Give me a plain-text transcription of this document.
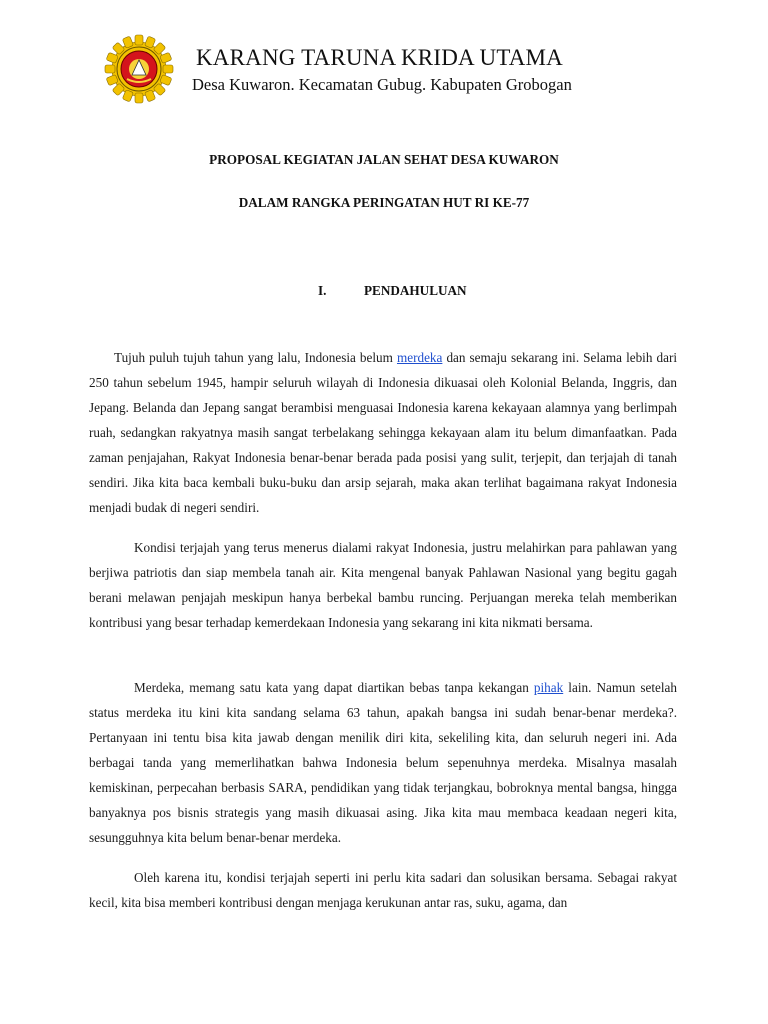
KARANG TARUNA KRIDA UTAMA
Desa Kuwaron. Kecamatan Gubug. Kabupaten Grobogan
PROPOSAL KEGIATAN JALAN SEHAT DESA KUWARON
DALAM RANGKA PERINGATAN HUT RI KE-77
I.	PENDAHULUAN

Tujuh puluh tujuh tahun yang lalu, Indonesia belum merdeka dan semaju sekarang ini. Selama lebih dari 250 tahun sebelum 1945, hampir seluruh wilayah di Indonesia dikuasai oleh Kolonial Belanda, Inggris, dan Jepang. Belanda dan Jepang sangat berambisi menguasai Indonesia karena kekayaan alamnya yang berlimpah ruah, sedangkan rakyatnya masih sangat terbelakang sehingga kekayaan alam itu belum dimanfaatkan. Pada zaman penjajahan, Rakyat Indonesia benar-benar berada pada posisi yang sulit, terjepit, dan terjajah di tanah sendiri. Jika kita baca kembali buku-buku dan arsip sejarah, maka akan terlihat bagaimana rakyat Indonesia menjadi budak di negeri sendiri.

Kondisi terjajah yang terus menerus dialami rakyat Indonesia, justru melahirkan para pahlawan yang berjiwa patriotis dan siap membela tanah air. Kita mengenal banyak Pahlawan Nasional yang begitu gagah berani melawan penjajah meskipun hanya berbekal bambu runcing. Perjuangan mereka telah memberikan kontribusi yang besar terhadap kemerdekaan Indonesia yang sekarang ini kita nikmati bersama.

Merdeka, memang satu kata yang dapat diartikan bebas tanpa kekangan pihak lain. Namun setelah status merdeka itu kini kita sandang selama 63 tahun, apakah bangsa ini sudah benar-benar merdeka?. Pertanyaan ini tentu bisa kita jawab dengan menilik diri kita, sekeliling kita, dan seluruh negeri ini. Ada berbagai tanda yang memerlihatkan bahwa Indonesia belum sepenuhnya merdeka. Misalnya masalah kemiskinan, perpecahan berbasis SARA, pendidikan yang tidak terjangkau, bobroknya mental bangsa, hingga banyaknya pos bisnis strategis yang masih dikuasai asing. Jika kita mau membaca keadaan negeri kita, sesungguhnya kita belum benar-benar merdeka.

Oleh karena itu, kondisi terjajah seperti ini perlu kita sadari dan solusikan bersama. Sebagai rakyat kecil, kita bisa memberi kontribusi dengan menjaga kerukunan antar ras, suku, agama, dan
